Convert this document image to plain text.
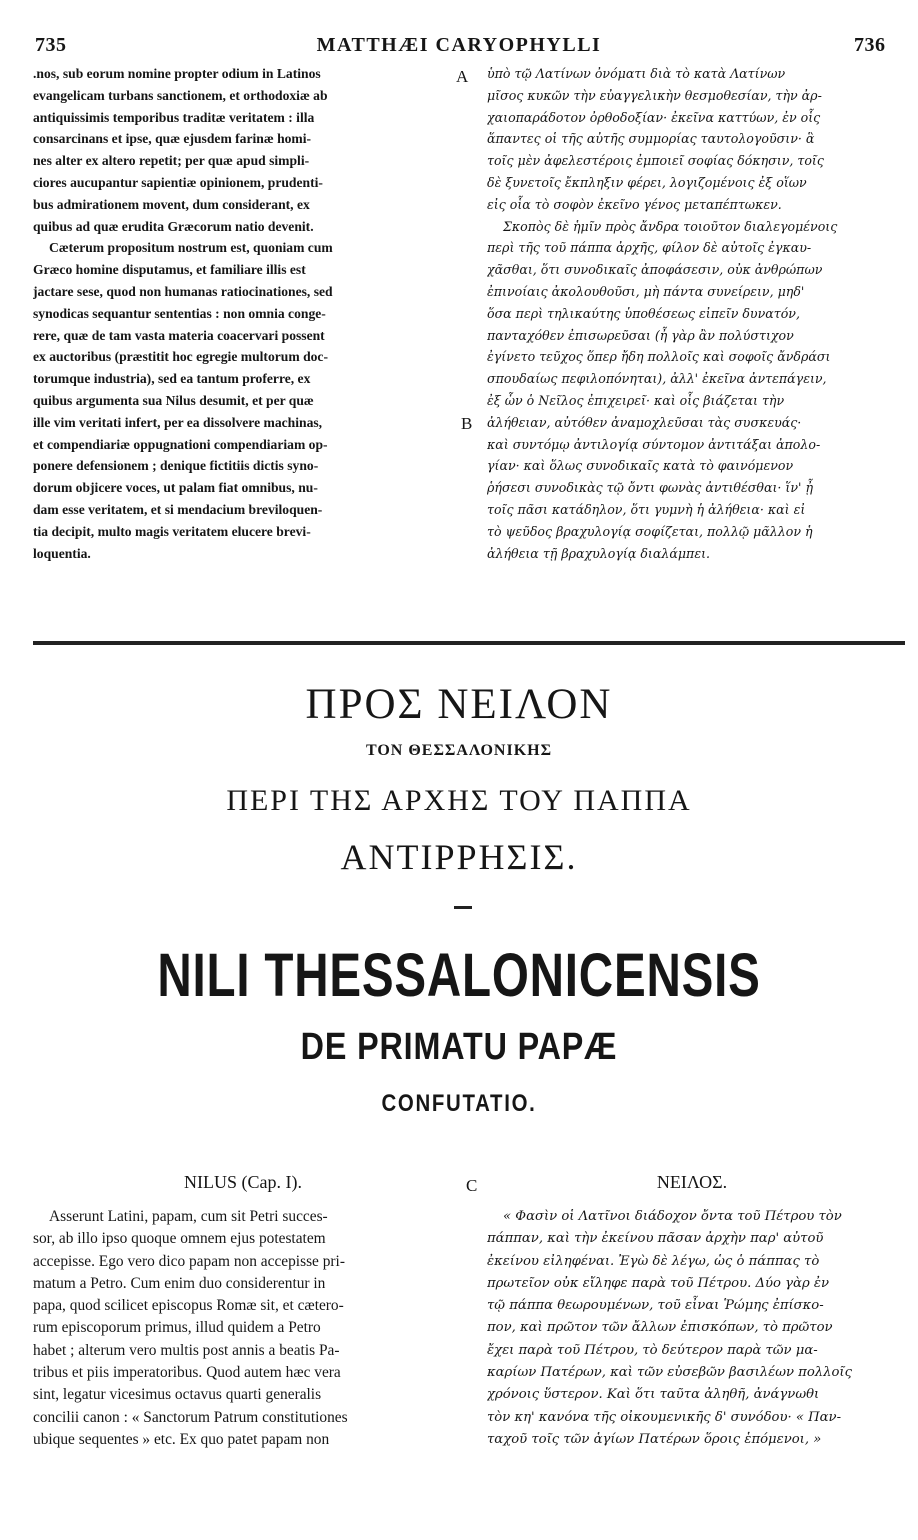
735	MATTHÆI CARYOPHYLLI	736
.nos, sub eorum nomine propter odium in Latinos
evangelicam turbans sanctionem, et orthodoxiæ ab
antiquissimis temporibus traditæ veritatem : illa
consarcinans et ipse, quæ ejusdem farinæ homi-
nes alter ex altero repetit; per quæ apud simpli-
ciores aucupantur sapientiæ opinionem, prudenti-
bus admirationem movent, dum considerant, ex
quibus ad quæ erudita Græcorum natio devenit.
Cæterum propositum nostrum est, quoniam cum
Græco homine disputamus, et familiare illis est
jactare sese, quod non humanas ratiocinationes, sed
synodicas sequantur sententias : non omnia conge-
rere, quæ de tam vasta materia coacervari possent
ex auctoribus (præstitit hoc egregie multorum doc-
torumque industria), sed ea tantum proferre, ex
quibus argumenta sua Nilus desumit, et per quæ
ille vim veritati infert, per ea dissolvere machinas,
et compendiariæ oppugnationi compendiariam op-
ponere defensionem ; denique fictitiis dictis syno-
dorum objicere voces, ut palam fiat omnibus, nu-
dam esse veritatem, et si mendacium breviloquen-
tia decipit, multo magis veritatem elucere brevi-
loquentia.
ὑπὸ τῷ Λατίνων ὀνόματι διὰ τὸ κατὰ Λατίνων
μῖσος κυκῶν τὴν εὐαγγελικὴν θεσμοθεσίαν, τὴν ἀρ-
χαιοπαράδοτον ὀρθοδοξίαν· ἐκεῖνα καττύων, ἐν οἷς
ἅπαντες οἱ τῆς αὐτῆς συμμορίας ταυτολογοῦσιν· ἃ
τοῖς μὲν ἀφελεστέροις ἐμποιεῖ σοφίας δόκησιν, τοῖς
δὲ ξυνετοῖς ἔκπληξιν φέρει, λογιζομένοις ἐξ οἵων
εἰς οἷα τὸ σοφὸν ἐκεῖνο γένος μεταπέπτωκεν.
Σκοπὸς δὲ ἡμῖν πρὸς ἄνδρα τοιοῦτον διαλεγομένοις
περὶ τῆς τοῦ πάππα ἀρχῆς, φίλον δὲ αὐτοῖς ἐγκαυ-
χᾶσθαι, ὅτι συνοδικαῖς ἀποφάσεσιν, οὐκ ἀνθρώπων
ἐπινοίαις ἀκολουθοῦσι, μὴ πάντα συνείρειν, μηδ'
ὅσα περὶ τηλικαύτης ὑποθέσεως εἰπεῖν δυνατόν,
πανταχόθεν ἐπισωρεῦσαι (ἦ γὰρ ἂν πολύστιχον
ἐγίνετο τεῦχος ὅπερ ἤδη πολλοῖς καὶ σοφοῖς ἄνδράσι
σπουδαίως πεφιλοπόνηται), ἀλλ' ἐκεῖνα ἀντεπάγειν,
ἐξ ὧν ὁ Νεῖλος ἐπιχειρεῖ· καὶ οἷς βιάζεται τὴν
ἀλήθειαν, αὐτόθεν ἀναμοχλεῦσαι τὰς συσκευάς·
καὶ συντόμῳ ἀντιλογίᾳ σύντομον ἀντιτάξαι ἀπολο-
γίαν· καὶ ὅλως συνοδικαῖς κατὰ τὸ φαινόμενον
ῥήσεσι συνοδικὰς τῷ ὄντι φωνὰς ἀντιθέσθαι· ἵν' ᾖ
τοῖς πᾶσι κατάδηλον, ὅτι γυμνὴ ἡ ἀλήθεια· καὶ εἰ
τὸ ψεῦδος βραχυλογίᾳ σοφίζεται, πολλῷ μᾶλλον ἡ
ἀλήθεια τῇ βραχυλογίᾳ διαλάμπει.
A
B
ΠΡΟΣ ΝΕΙΛΟΝ
ΤΟΝ ΘΕΣΣΑΛΟΝΙΚΗΣ
ΠΕΡΙ ΤΗΣ ΑΡΧΗΣ ΤΟΥ ΠΑΠΠΑ
ΑΝΤΙΡΡΗΣΙΣ.
NILI THESSALONICENSIS
DE PRIMATU PAPÆ
CONFUTATIO.
NILUS (Cap. I).	C	ΝΕΙΛΟΣ.
Asserunt Latini, papam, cum sit Petri succes-
sor, ab illo ipso quoque omnem ejus potestatem
accepisse. Ego vero dico papam non accepisse pri-
matum a Petro. Cum enim duo considerentur in
papa, quod scilicet episcopus Romæ sit, et cætero-
rum episcoporum primus, illud quidem a Petro
habet ; alterum vero multis post annis a beatis Pa-
tribus et piis imperatoribus. Quod autem hæc vera
sint, legatur vicesimus octavus quarti generalis
concilii canon : « Sanctorum Patrum constitutiones
ubique sequentes » etc. Ex quo patet papam non
« Φασὶν οἱ Λατῖνοι διάδοχον ὄντα τοῦ Πέτρου τὸν
πάππαν, καὶ τὴν ἐκείνου πᾶσαν ἀρχὴν παρ' αὐτοῦ
ἐκείνου εἰληφέναι. Ἐγὼ δὲ λέγω, ὡς ὁ πάππας τὸ
πρωτεῖον οὐκ εἴληφε παρὰ τοῦ Πέτρου. Δύο γὰρ ἐν
τῷ πάππα θεωρουμένων, τοῦ εἶναι Ῥώμης ἐπίσκο-
πον, καὶ πρῶτον τῶν ἄλλων ἐπισκόπων, τὸ πρῶτον
ἔχει παρὰ τοῦ Πέτρου, τὸ δεύτερον παρὰ τῶν μα-
καρίων Πατέρων, καὶ τῶν εὐσεβῶν βασιλέων πολλοῖς
χρόνοις ὕστερον. Καὶ ὅτι ταῦτα ἀληθῆ, ἀνάγνωθι
τὸν κη' κανόνα τῆς οἰκουμενικῆς δ' συνόδου· « Παν-
ταχοῦ τοῖς τῶν ἁγίων Πατέρων ὅροις ἑπόμενοι, »
